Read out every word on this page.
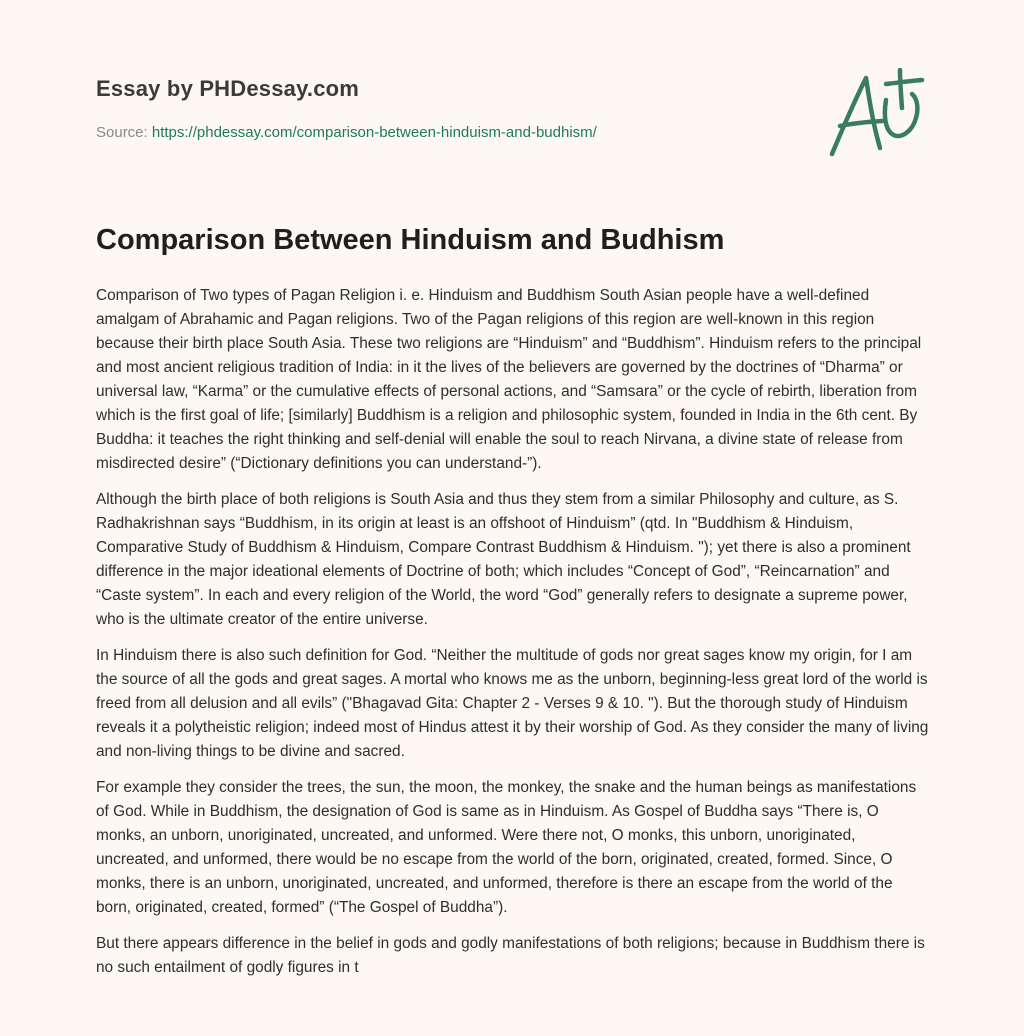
Essay by PHDessay.com
Source: https://phdessay.com/comparison-between-hinduism-and-budhism/
Comparison Between Hinduism and Budhism

Comparison of Two types of Pagan Religion i. e. Hinduism and Buddhism South Asian people have a well-defined amalgam of Abrahamic and Pagan religions. Two of the Pagan religions of this region are well-known in this region because their birth place South Asia. These two religions are “Hinduism” and “Buddhism”. Hinduism refers to the principal and most ancient religious tradition of India: in it the lives of the believers are governed by the doctrines of “Dharma” or universal law, “Karma” or the cumulative effects of personal actions, and “Samsara” or the cycle of rebirth, liberation from which is the first goal of life; [similarly] Buddhism is a religion and philosophic system, founded in India in the 6th cent. By Buddha: it teaches the right thinking and self-denial will enable the soul to reach Nirvana, a divine state of release from misdirected desire” (“Dictionary definitions you can understand-”).

Although the birth place of both religions is South Asia and thus they stem from a similar Philosophy and culture, as S. Radhakrishnan says “Buddhism, in its origin at least is an offshoot of Hinduism” (qtd. In "Buddhism & Hinduism, Comparative Study of Buddhism & Hinduism, Compare Contrast Buddhism & Hinduism. "); yet there is also a prominent difference in the major ideational elements of Doctrine of both; which includes “Concept of God”, “Reincarnation” and “Caste system”. In each and every religion of the World, the word “God” generally refers to designate a supreme power, who is the ultimate creator of the entire universe.

In Hinduism there is also such definition for God. “Neither the multitude of gods nor great sages know my origin, for I am the source of all the gods and great sages. A mortal who knows me as the unborn, beginning-less great lord of the world is freed from all delusion and all evils” ("Bhagavad Gita: Chapter 2 - Verses 9 & 10. "). But the thorough study of Hinduism reveals it a polytheistic religion; indeed most of Hindus attest it by their worship of God. As they consider the many of living and non-living things to be divine and sacred.

For example they consider the trees, the sun, the moon, the monkey, the snake and the human beings as manifestations of God. While in Buddhism, the designation of God is same as in Hinduism. As Gospel of Buddha says “There is, O monks, an unborn, unoriginated, uncreated, and unformed. Were there not, O monks, this unborn, unoriginated, uncreated, and unformed, there would be no escape from the world of the born, originated, created, formed. Since, O monks, there is an unborn, unoriginated, uncreated, and unformed, therefore is there an escape from the world of the born, originated, created, formed” (“The Gospel of Buddha”).

But there appears difference in the belief in gods and godly manifestations of both religions; because in Buddhism there is no such entailment of godly figures in t
